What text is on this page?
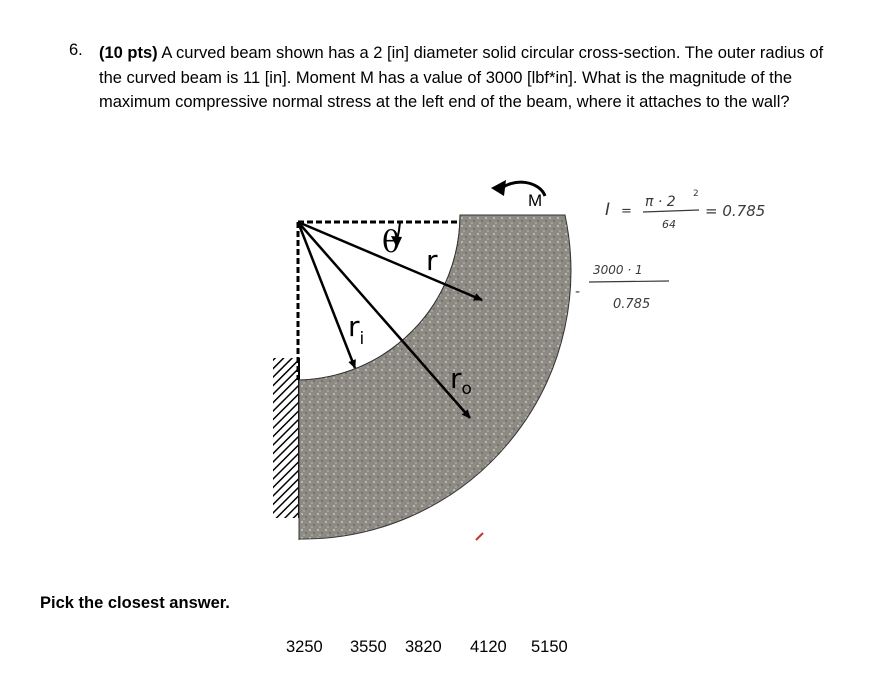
6. (10 pts) A curved beam shown has a 2 [in] diameter solid circular cross-section. The outer radius of the curved beam is 11 [in]. Moment M has a value of 3000 [lbf*in]. What is the magnitude of the maximum compressive normal stress at the left end of the beam, where it attaches to the wall?
M
θ
r
$r_i$
$r_o$
I =
π · 2 2
64
= 0.785
-
3000 · 1
0.785
Pick the closest answer.
3250 3550 3820 4120 5150
